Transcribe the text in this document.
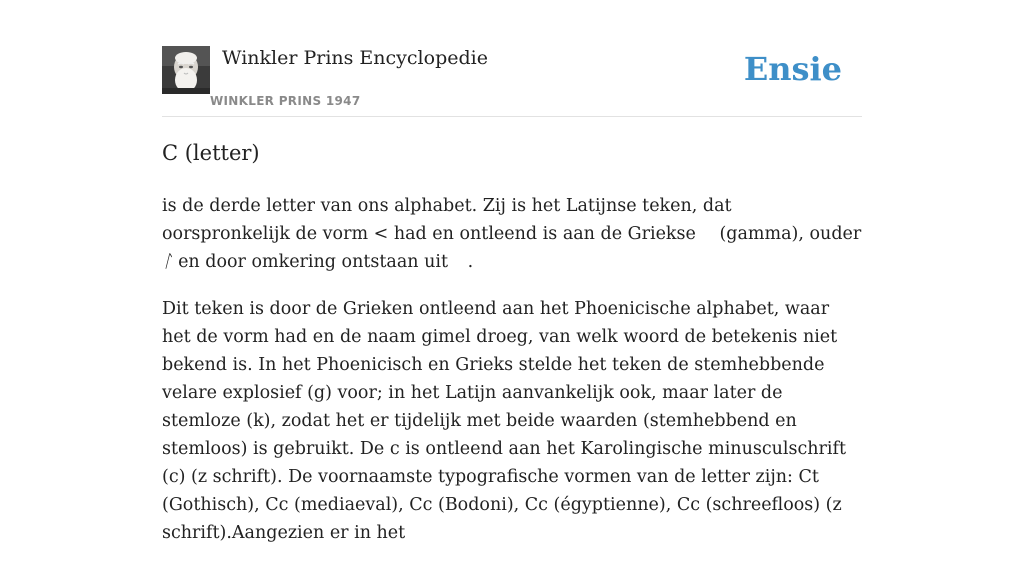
Winkler Prins Encyclopedie
WINKLER PRINS 1947
Ensie
C (letter)

is de derde letter van ons alphabet. Zij is het Latijnse teken, dat oorspronkelijk de vorm < had en ontleend is aan de Griekse (gamma), ouder ᛚ en door omkering ontstaan uit .

Dit teken is door de Grieken ontleend aan het Phoenicische alphabet, waar het de vorm had en de naam gimel droeg, van welk woord de betekenis niet bekend is. In het Phoenicisch en Grieks stelde het teken de stemhebbende velare explosief (g) voor; in het Latijn aanvankelijk ook, maar later de stemloze (k), zodat het er tijdelijk met beide waarden (stemhebbend en stemloos) is gebruikt. De c is ontleend aan het Karolingische minusculschrift (c) (z schrift). De voornaamste typografische vormen van de letter zijn: Ct (Gothisch), Cc (mediaeval), Cc (Bodoni), Cc (égyptienne), Cc (schreefloos) (z schrift).Aangezien er in het
